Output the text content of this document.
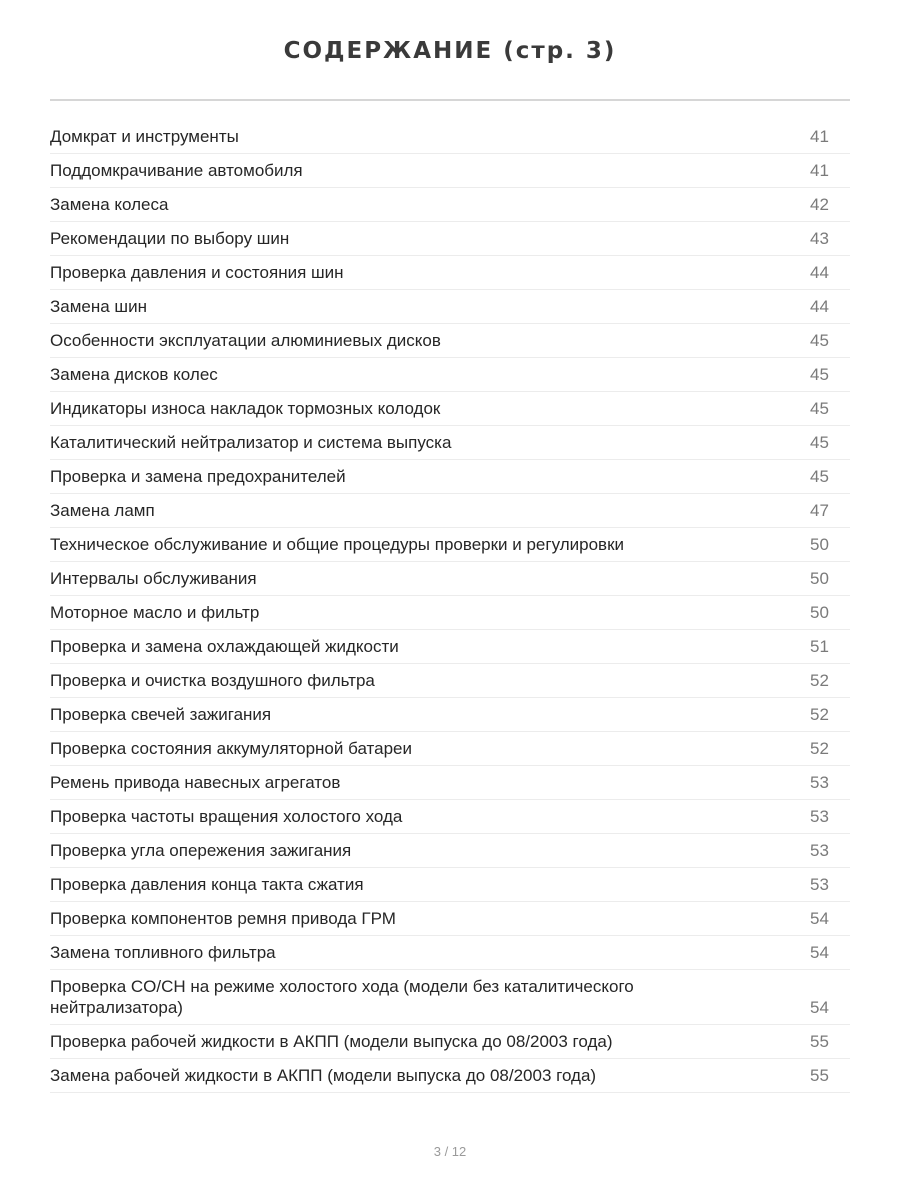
СОДЕРЖАНИЕ (стр. 3)
Домкрат и инструменты	41
Поддомкрачивание автомобиля	41
Замена колеса	42
Рекомендации по выбору шин	43
Проверка давления и состояния шин	44
Замена шин	44
Особенности эксплуатации алюминиевых дисков	45
Замена дисков колес	45
Индикаторы износа накладок тормозных колодок	45
Каталитический нейтрализатор и система выпуска	45
Проверка и замена предохранителей	45
Замена ламп	47
Техническое обслуживание и общие процедуры проверки и регулировки	50
Интервалы обслуживания	50
Моторное масло и фильтр	50
Проверка и замена охлаждающей жидкости	51
Проверка и очистка воздушного фильтра	52
Проверка свечей зажигания	52
Проверка состояния аккумуляторной батареи	52
Ремень привода навесных агрегатов	53
Проверка частоты вращения холостого хода	53
Проверка угла опережения зажигания	53
Проверка давления конца такта сжатия	53
Проверка компонентов ремня привода ГРМ	54
Замена топливного фильтра	54
Проверка CO/CH на режиме холостого хода (модели без каталитического нейтрализатора)	54
Проверка рабочей жидкости в АКПП (модели выпуска до 08/2003 года)	55
Замена рабочей жидкости в АКПП (модели выпуска до 08/2003 года)	55
3 / 12
